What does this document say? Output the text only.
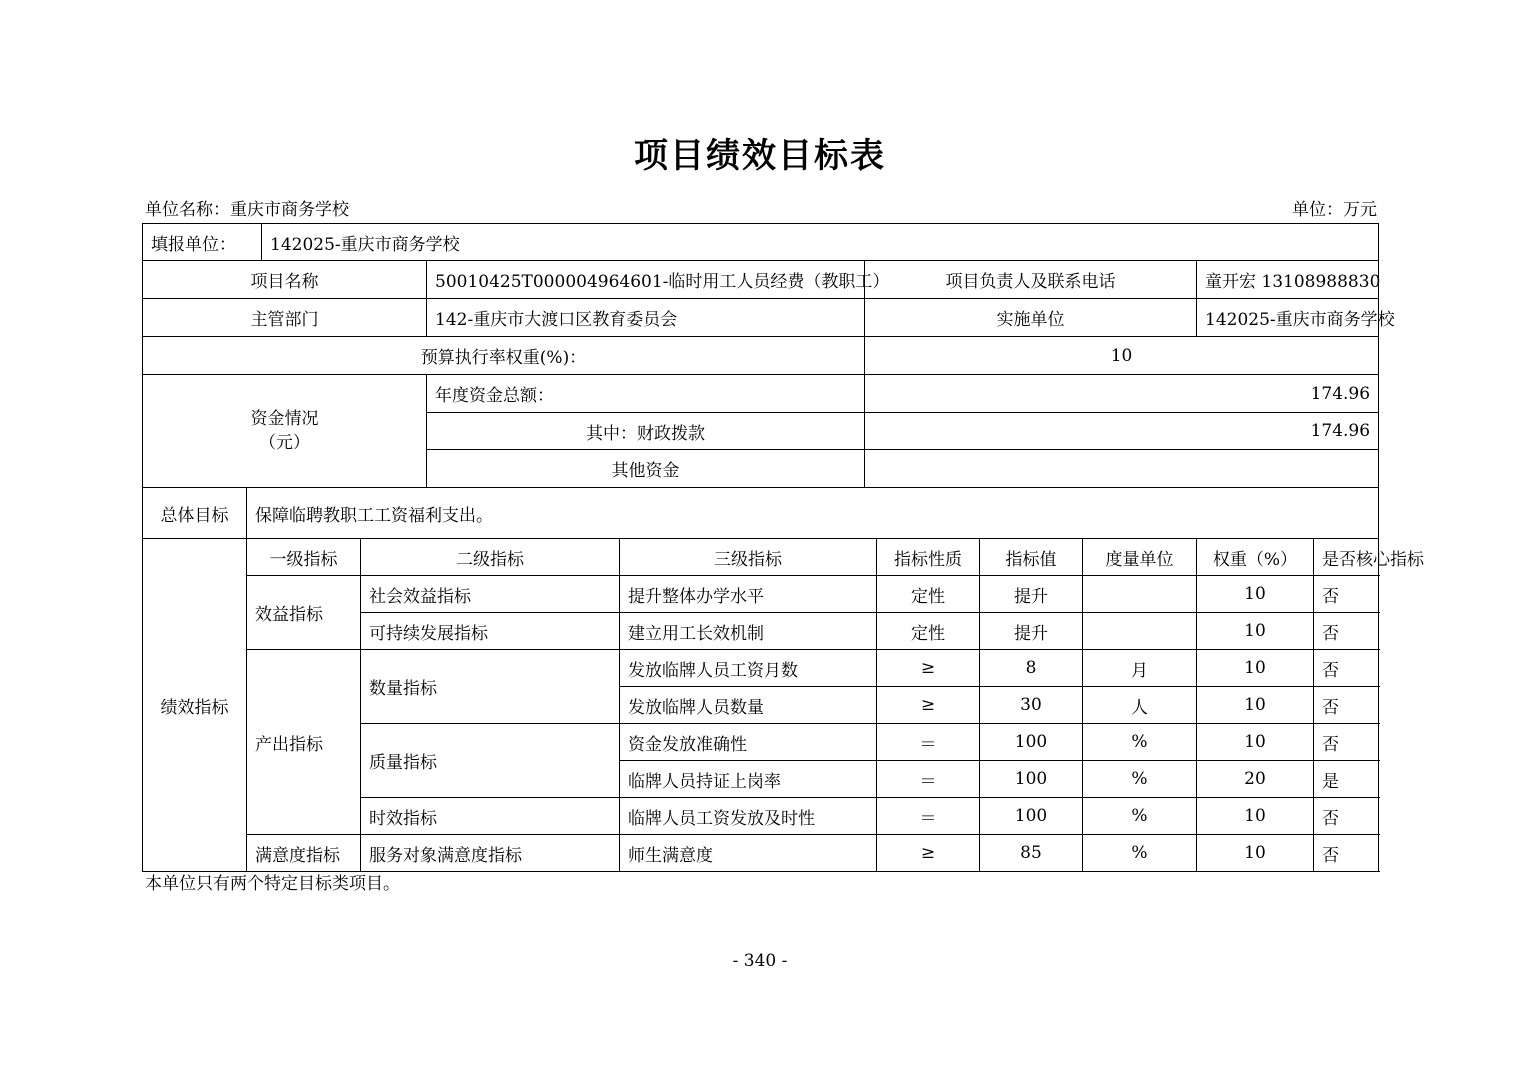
项目绩效目标表
单位名称：重庆市商务学校	单位：万元
填报单位：		142025-重庆市商务学校									
项目名称				50010425T000004964601-临时用工人员经费（教职工）		项目负责人及联系电话				童开宏 13108988830	
主管部门				142-重庆市大渡口区教育委员会		实施单位				142025-重庆市商务学校	
预算执行率权重(%)：						10					
资金情况
（元）				年度资金总额：		174.96					
				其中：财政拨款		174.96					
				其他资金							
总体目标	保障临聘教职工工资福利支出。										
绩效指标	一级指标		二级指标		三级指标		指标性质	指标值	度量单位	权重（%）	是否核心指标
	效益指标		社会效益指标		提升整体办学水平		定性	提升		10	否
			可持续发展指标		建立用工长效机制		定性	提升		10	否
	产出指标		数量指标		发放临牌人员工资月数		≥	8	月	10	否
					发放临牌人员数量		≥	30	人	10	否
			质量指标		资金发放准确性		＝	100	%	10	否
					临牌人员持证上岗率		＝	100	%	20	是
			时效指标		临牌人员工资发放及时性		＝	100	%	10	否
	满意度指标		服务对象满意度指标		师生满意度		≥	85	%	10	否
本单位只有两个特定目标类项目。
- 340 -
